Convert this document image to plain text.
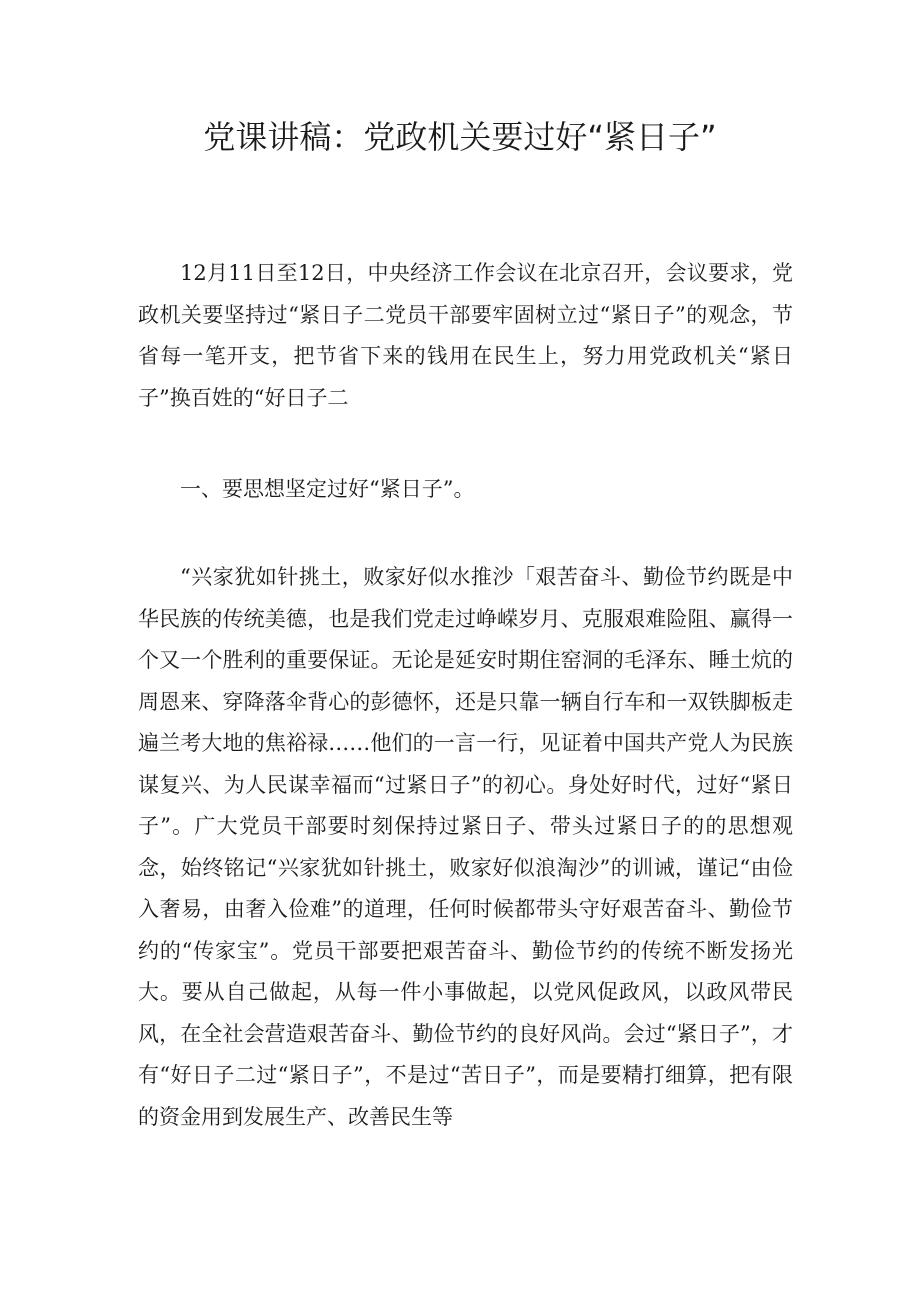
党课讲稿：党政机关要过好“紧日子”

12月11日至12日，中央经济工作会议在北京召开，会议要求，党政机关要坚持过“紧日子二党员干部要牢固树立过“紧日子”的观念，节省每一笔开支，把节省下来的钱用在民生上，努力用党政机关“紧日子”换百姓的“好日子二

一、要思想坚定过好“紧日子”。

“兴家犹如针挑土，败家好似水推沙「艰苦奋斗、勤俭节约既是中华民族的传统美德，也是我们党走过峥嵘岁月、克服艰难险阻、赢得一个又一个胜利的重要保证。无论是延安时期住窑洞的毛泽东、睡土炕的周恩来、穿降落伞背心的彭德怀，还是只靠一辆自行车和一双铁脚板走遍兰考大地的焦裕禄……他们的一言一行，见证着中国共产党人为民族谋复兴、为人民谋幸福而“过紧日子”的初心。身处好时代，过好“紧日子”。广大党员干部要时刻保持过紧日子、带头过紧日子的的思想观念，始终铭记“兴家犹如针挑土，败家好似浪淘沙”的训诫，谨记“由俭入奢易，由奢入俭难”的道理，任何时候都带头守好艰苦奋斗、勤俭节约的“传家宝”。党员干部要把艰苦奋斗、勤俭节约的传统不断发扬光大。要从自己做起，从每一件小事做起，以党风促政风，以政风带民风，在全社会营造艰苦奋斗、勤俭节约的良好风尚。会过“紧日子”，才有“好日子二过“紧日子”，不是过“苦日子”，而是要精打细算，把有限的资金用到发展生产、改善民生等
